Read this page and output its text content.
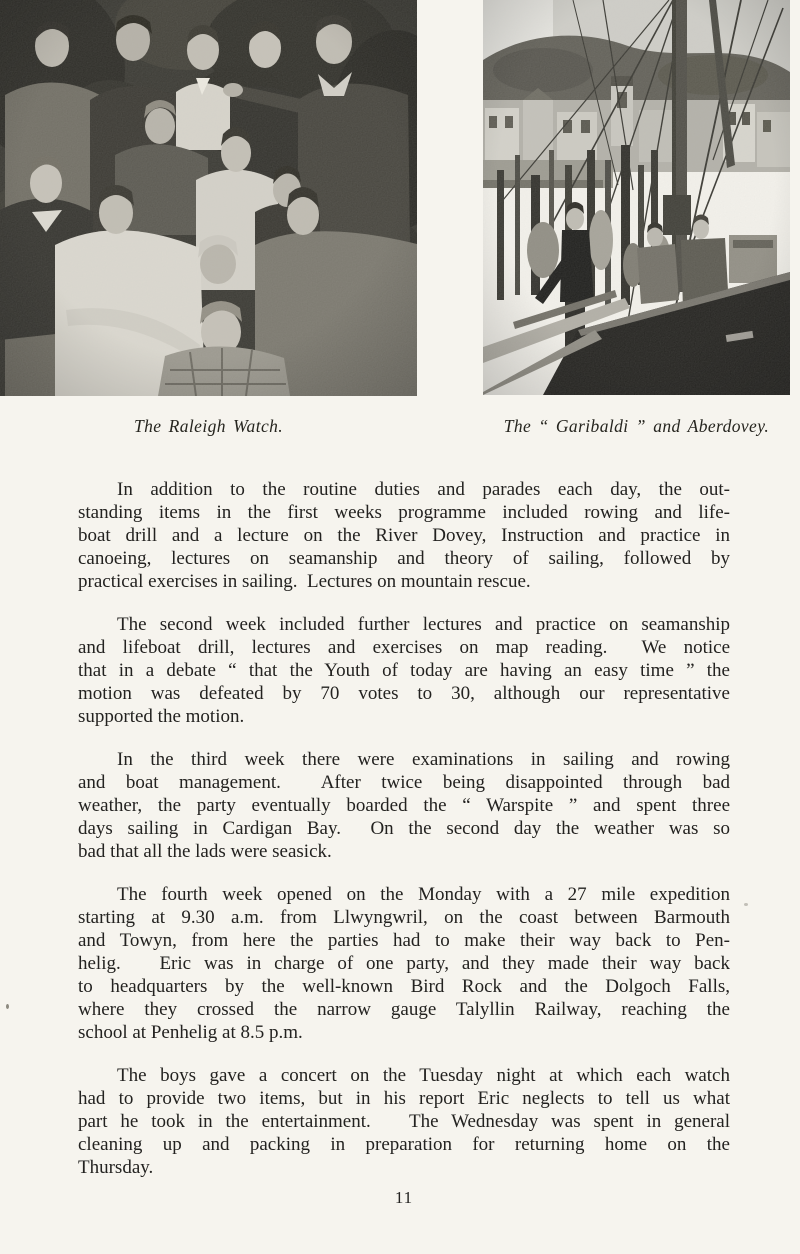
The Raleigh Watch.	The “ Garibaldi ” and Aberdovey.
In addition to the routine duties and parades each day, the out-
standing items in the first weeks programme included rowing and life-
boat drill and a lecture on the River Dovey, Instruction and practice in
canoeing, lectures on seamanship and theory of sailing, followed by
practical exercises in sailing.  Lectures on mountain rescue.
The second week included further lectures and practice on seamanship
and lifeboat drill, lectures and exercises on map reading.  We notice
that in a debate “ that the Youth of today are having an easy time ” the
motion was defeated by 70 votes to 30, although our representative
supported the motion.
In the third week there were examinations in sailing and rowing
and boat management.  After twice being disappointed through bad
weather, the party eventually boarded the “ Warspite ” and spent three
days sailing in Cardigan Bay.  On the second day the weather was so
bad that all the lads were seasick.
The fourth week opened on the Monday with a 27 mile expedition
starting at 9.30 a.m. from Llwyngwril, on the coast between Barmouth
and Towyn, from here the parties had to make their way back to Pen-
helig.   Eric was in charge of one party, and they made their way back
to headquarters by the well-known Bird Rock and the Dolgoch Falls,
where they crossed the narrow gauge Talyllin Railway, reaching the
school at Penhelig at 8.5 p.m.
The boys gave a concert on the Tuesday night at which each watch
had to provide two items, but in his report Eric neglects to tell us what
part he took in the entertainment.   The Wednesday was spent in general
cleaning up and packing in preparation for returning home on the
Thursday.
11
